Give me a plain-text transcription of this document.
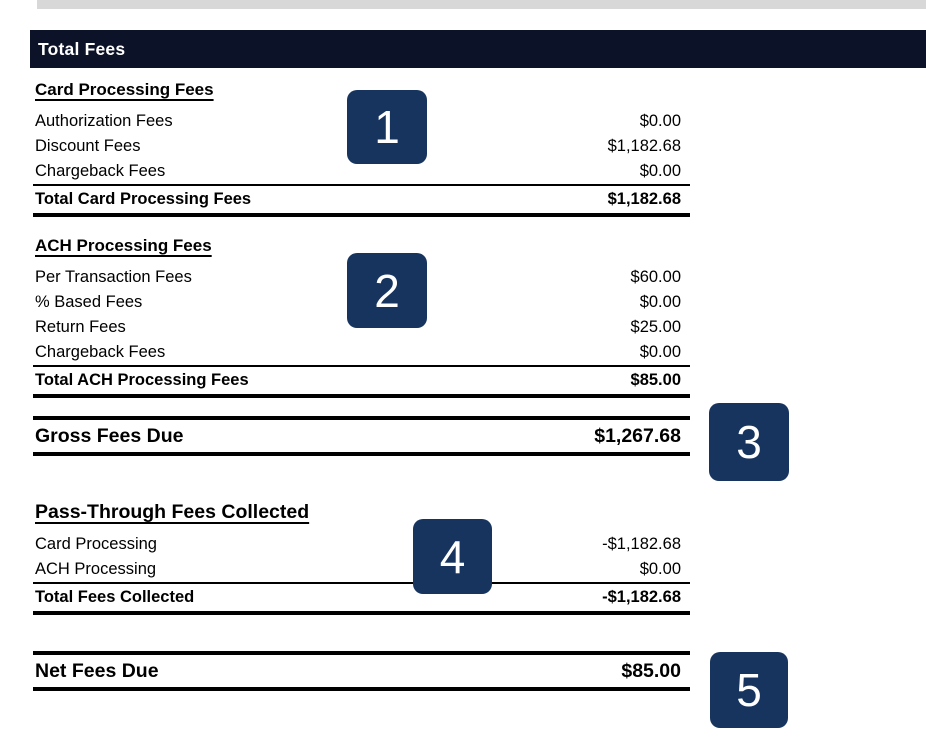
Total Fees
Card Processing Fees
Authorization Fees	$0.00
Discount Fees	$1,182.68
Chargeback Fees	$0.00
Total Card Processing Fees	$1,182.68
ACH Processing Fees
Per Transaction Fees	$60.00
% Based Fees	$0.00
Return Fees	$25.00
Chargeback Fees	$0.00
Total ACH Processing Fees	$85.00
Gross Fees Due	$1,267.68
Pass-Through Fees Collected
Card Processing	-$1,182.68
ACH Processing	$0.00
Total Fees Collected	-$1,182.68
Net Fees Due	$85.00
1
2
3
4
5
